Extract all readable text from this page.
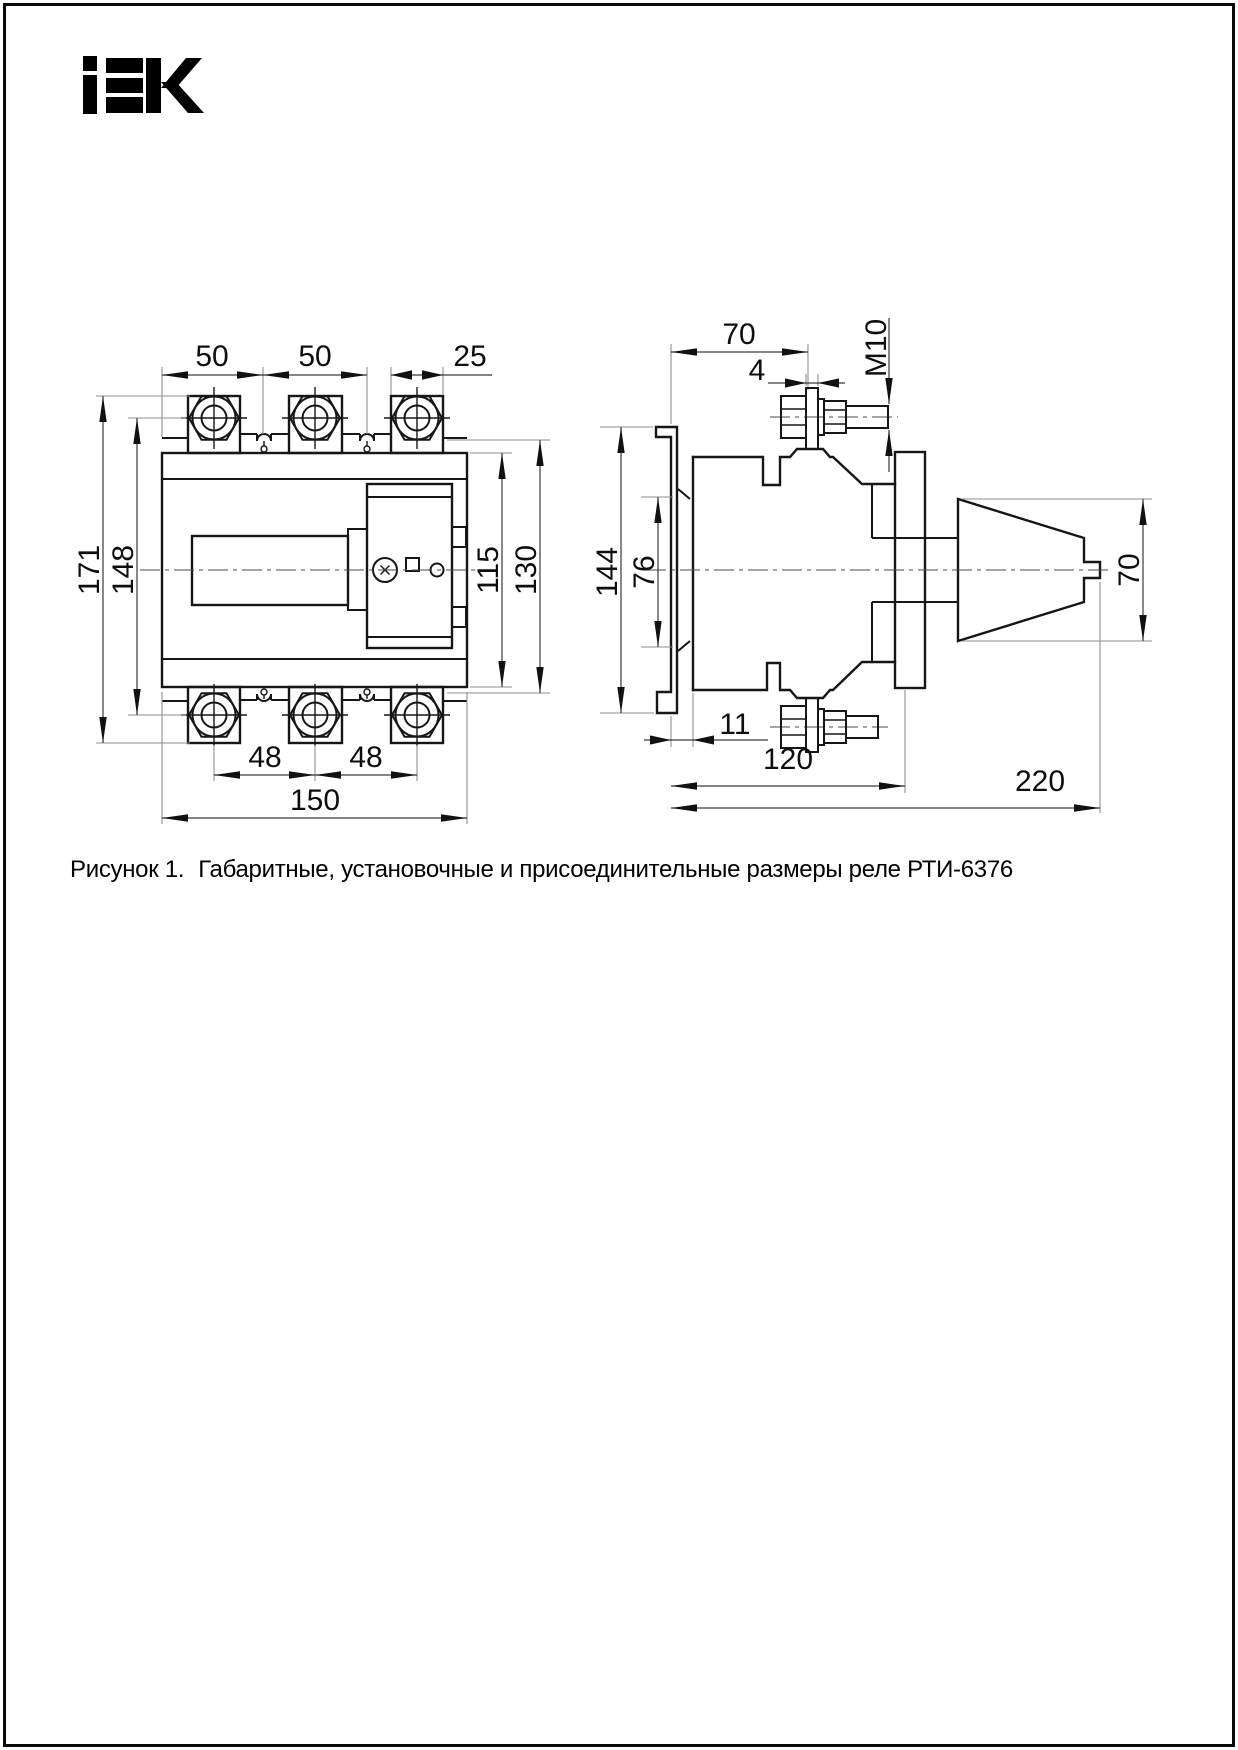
50 50	25
171 148	115 130
48 48
150
144 76
70
4	М10
70
11
120
220
Рисунок 1. Габаритные, установочные и присоединительные размеры реле РТИ-6376
